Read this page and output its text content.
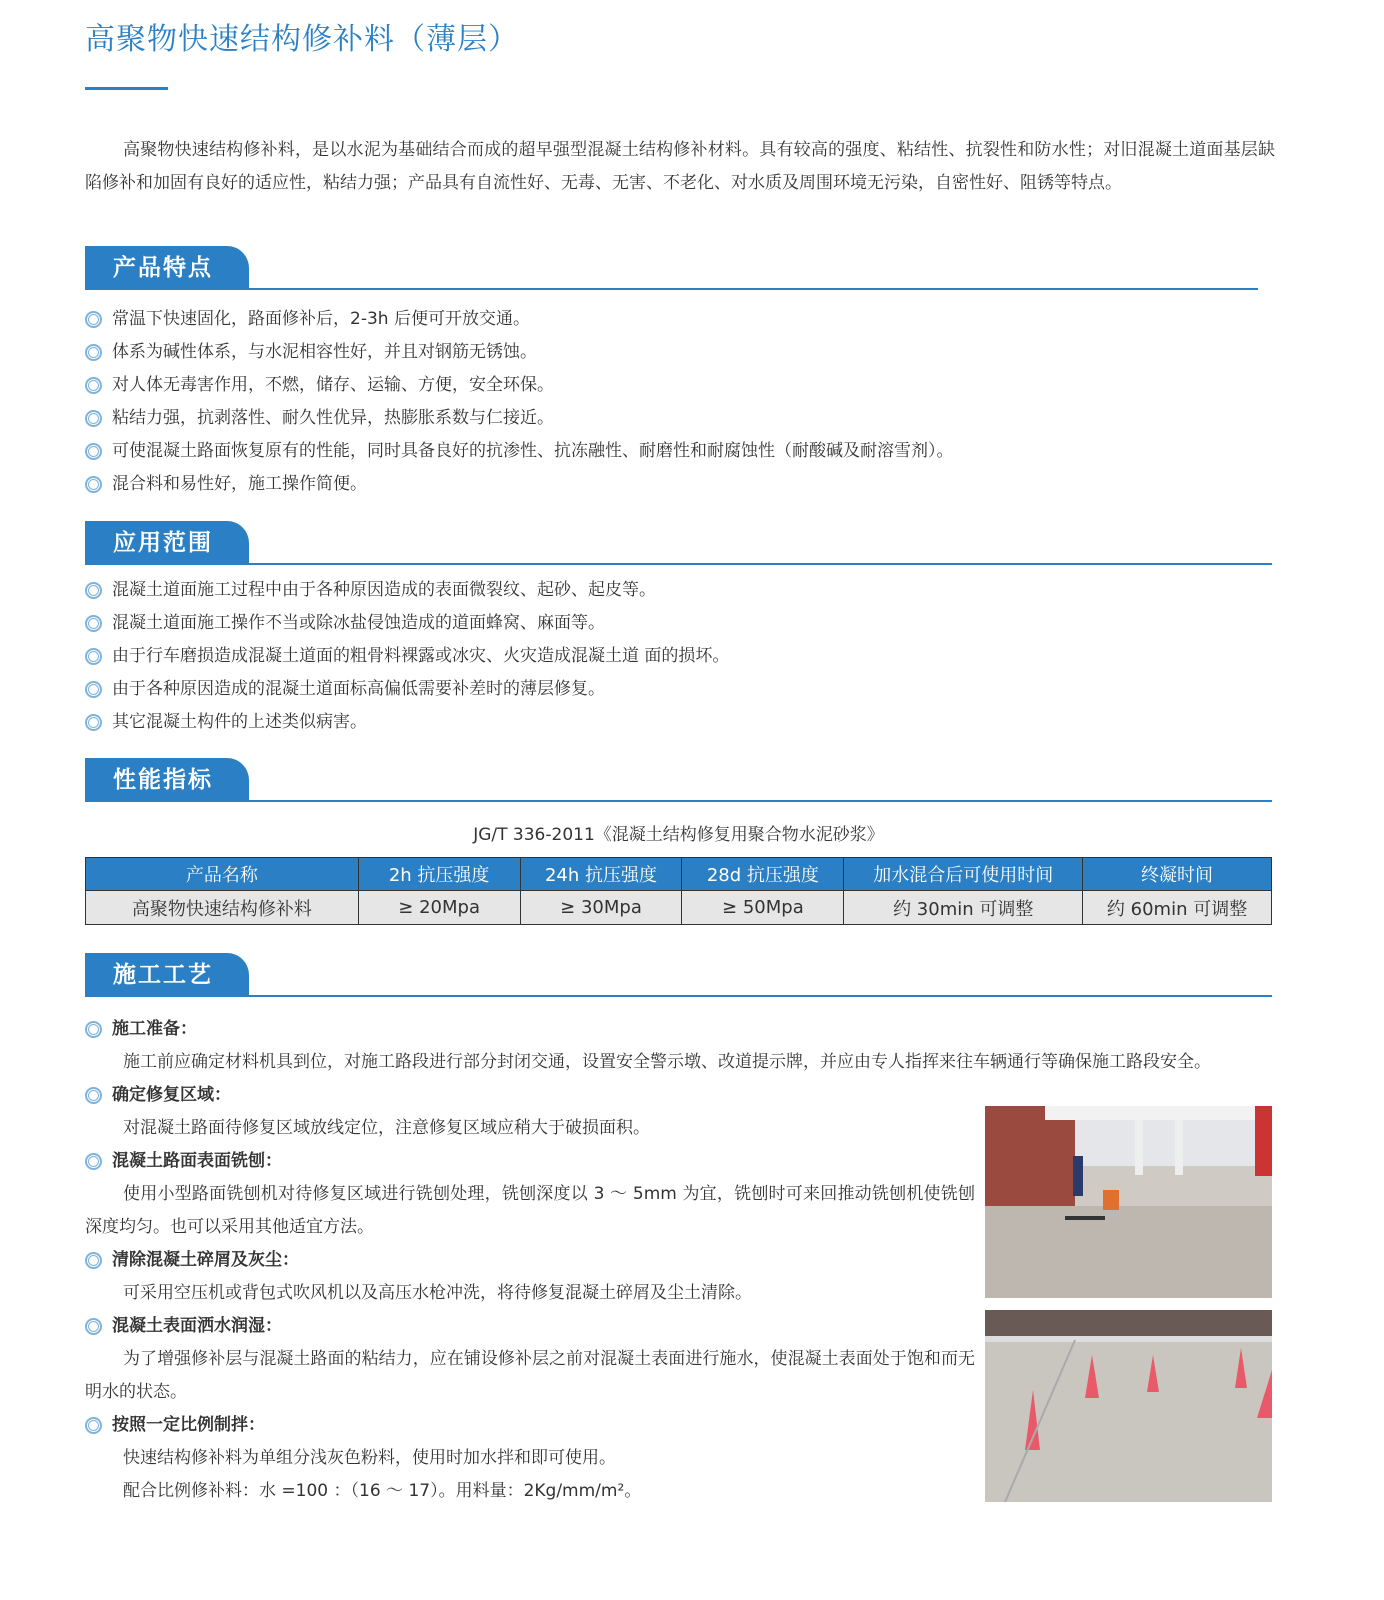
高聚物快速结构修补料（薄层）
高聚物快速结构修补料，是以水泥为基础结合而成的超早强型混凝土结构修补材料。具有较高的强度、粘结性、抗裂性和防水性；对旧混凝土道面基层缺陷修补和加固有良好的适应性，粘结力强；产品具有自流性好、无毒、无害、不老化、对水质及周围环境无污染，自密性好、阻锈等特点。
产品特点
常温下快速固化，路面修补后，2-3h 后便可开放交通。
体系为碱性体系，与水泥相容性好，并且对钢筋无锈蚀。
对人体无毒害作用，不燃，储存、运输、方便，安全环保。
粘结力强，抗剥落性、耐久性优异，热膨胀系数与仁接近。
可使混凝土路面恢复原有的性能，同时具备良好的抗渗性、抗冻融性、耐磨性和耐腐蚀性（耐酸碱及耐溶雪剂）。
混合料和易性好，施工操作简便。
应用范围
混凝土道面施工过程中由于各种原因造成的表面微裂纹、起砂、起皮等。
混凝土道面施工操作不当或除冰盐侵蚀造成的道面蜂窝、麻面等。
由于行车磨损造成混凝土道面的粗骨料裸露或冰灾、火灾造成混凝土道 面的损坏。
由于各种原因造成的混凝土道面标高偏低需要补差时的薄层修复。
其它混凝土构件的上述类似病害。
性能指标
JG/T 336-2011《混凝土结构修复用聚合物水泥砂浆》
产品名称	2h 抗压强度	24h 抗压强度	28d 抗压强度	加水混合后可使用时间	终凝时间
高聚物快速结构修补料	≥ 20Mpa	≥ 30Mpa	≥ 50Mpa	约 30min 可调整	约 60min 可调整
施工工艺
施工准备：
施工前应确定材料机具到位，对施工路段进行部分封闭交通，设置安全警示墩、改道提示牌，并应由专人指挥来往车辆通行等确保施工路段安全。
确定修复区域：
对混凝土路面待修复区域放线定位，注意修复区域应稍大于破损面积。
混凝土路面表面铣刨：
使用小型路面铣刨机对待修复区域进行铣刨处理，铣刨深度以 3 ～ 5mm 为宜，铣刨时可来回推动铣刨机使铣刨深度均匀。也可以采用其他适宜方法。
清除混凝土碎屑及灰尘：
可采用空压机或背包式吹风机以及高压水枪冲洗，将待修复混凝土碎屑及尘土清除。
混凝土表面洒水润湿：
为了增强修补层与混凝土路面的粘结力，应在铺设修补层之前对混凝土表面进行施水，使混凝土表面处于饱和而无明水的状态。
按照一定比例制拌：
快速结构修补料为单组分浅灰色粉料，使用时加水拌和即可使用。
配合比例修补料：水 =100 ：（16 ～ 17）。用料量：2Kg/mm/m²。
